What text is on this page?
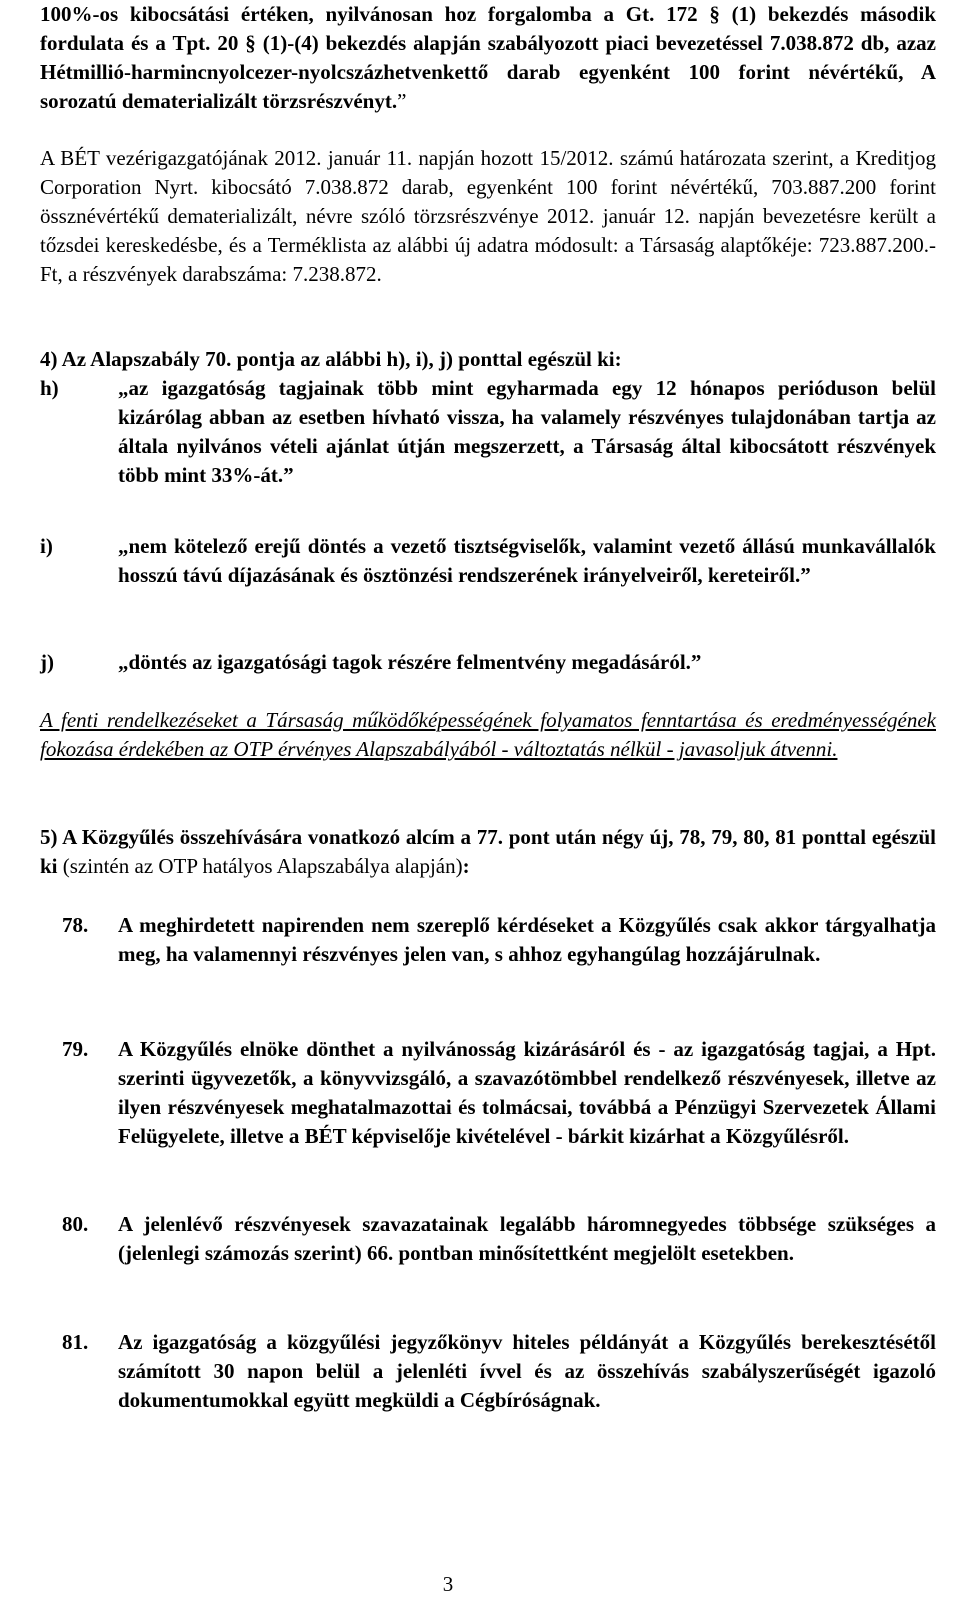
100%-os kibocsátási értéken, nyilvánosan hoz forgalomba a Gt. 172 § (1) bekezdés második fordulata és a Tpt. 20 § (1)-(4) bekezdés alapján szabályozott piaci bevezetéssel 7.038.872 db, azaz Hétmillió-harmincnyolcezer-nyolcszázhetvenkettő darab egyenként 100 forint névértékű, A sorozatú dematerializált törzsrészvényt.”

A BÉT vezérigazgatójának 2012. január 11. napján hozott 15/2012. számú határozata szerint, a Kreditjog Corporation Nyrt. kibocsátó 7.038.872 darab, egyenként 100 forint névértékű, 703.887.200 forint össznévértékű dematerializált, névre szóló törzsrészvénye 2012. január 12. napján bevezetésre került a tőzsdei kereskedésbe, és a Terméklista az alábbi új adatra módosult: a Társaság alaptőkéje: 723.887.200.-Ft, a részvények darabszáma: 7.238.872.

4) Az Alapszabály 70. pontja az alábbi h), i), j) ponttal egészül ki:

h)	„az igazgatóság tagjainak több mint egyharmada egy 12 hónapos perióduson belül kizárólag abban az esetben hívható vissza, ha valamely részvényes tulajdonában tartja az általa nyilvános vételi ajánlat útján megszerzett, a Társaság által kibocsátott részvények több mint 33%-át.”

i)	„nem kötelező erejű döntés a vezető tisztségviselők, valamint vezető állású munkavállalók hosszú távú díjazásának és ösztönzési rendszerének irányelveiről, kereteiről.”

j)	„döntés az igazgatósági tagok részére felmentvény megadásáról.”

A fenti rendelkezéseket a Társaság működőképességének folyamatos fenntartása és eredményességének fokozása érdekében az OTP érvényes Alapszabályából - változtatás nélkül - javasoljuk átvenni.

5) A Közgyűlés összehívására vonatkozó alcím a 77. pont után négy új, 78, 79, 80, 81 ponttal egészül ki (szintén az OTP hatályos Alapszabálya alapján):

78. A meghirdetett napirenden nem szereplő kérdéseket a Közgyűlés csak akkor tárgyalhatja meg, ha valamennyi részvényes jelen van, s ahhoz egyhangúlag hozzájárulnak.

79. A Közgyűlés elnöke dönthet a nyilvánosság kizárásáról és - az igazgatóság tagjai, a Hpt. szerinti ügyvezetők, a könyvvizsgáló, a szavazótömbbel rendelkező részvényesek, illetve az ilyen részvényesek meghatalmazottai és tolmácsai, továbbá a Pénzügyi Szervezetek Állami Felügyelete, illetve a BÉT képviselője kivételével - bárkit kizárhat a Közgyűlésről.

80. A jelenlévő részvényesek szavazatainak legalább háromnegyedes többsége szükséges a (jelenlegi számozás szerint) 66. pontban minősítettként megjelölt esetekben.

81. Az igazgatóság a közgyűlési jegyzőkönyv hiteles példányát a Közgyűlés berekesztésétől számított 30 napon belül a jelenléti ívvel és az összehívás szabályszerűségét igazoló dokumentumokkal együtt megküldi a Cégbíróságnak.

3
